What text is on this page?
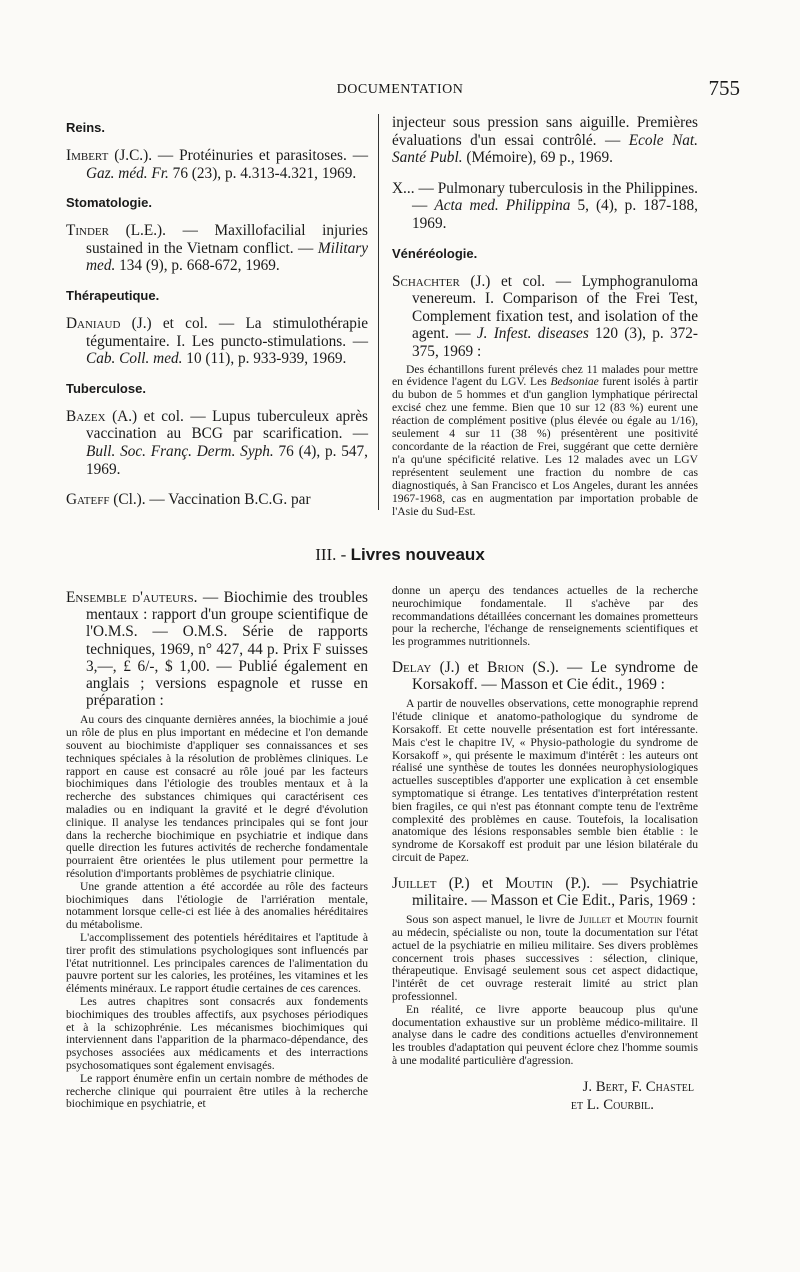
DOCUMENTATION	755
Reins.

Imbert (J.C.). — Protéinuries et parasitoses. — Gaz. méd. Fr. 76 (23), p. 4.313-4.321, 1969.

Stomatologie.

Tinder (L.E.). — Maxillofacilial injuries sustained in the Vietnam conflict. — Military med. 134 (9), p. 668-672, 1969.

Thérapeutique.

Daniaud (J.) et col. — La stimulothérapie tégumentaire. I. Les puncto-stimulations. — Cab. Coll. med. 10 (11), p. 933-939, 1969.

Tuberculose.

Bazex (A.) et col. — Lupus tuberculeux après vaccination au BCG par scarification. — Bull. Soc. Franç. Derm. Syph. 76 (4), p. 547, 1969.

Gateff (Cl.). — Vaccination B.C.G. par

injecteur sous pression sans aiguille. Premières évaluations d'un essai contrôlé. — Ecole Nat. Santé Publ. (Mémoire), 69 p., 1969.

X... — Pulmonary tuberculosis in the Philippines. — Acta med. Philippina 5, (4), p. 187-188, 1969.

Vénéréologie.

Schachter (J.) et col. — Lymphogranuloma venereum. I. Comparison of the Frei Test, Complement fixation test, and isolation of the agent. — J. Infest. diseases 120 (3), p. 372-375, 1969 :

Des échantillons furent prélevés chez 11 malades pour mettre en évidence l'agent du LGV. Les Bedsoniae furent isolés à partir du bubon de 5 hommes et d'un ganglion lymphatique périrectal excisé chez une femme. Bien que 10 sur 12 (83 %) eurent une réaction de complément positive (plus élevée ou égale au 1/16), seulement 4 sur 11 (38 %) présentèrent une positivité concordante de la réaction de Frei, suggérant que cette dernière n'a qu'une spécificité relative. Les 12 malades avec un LGV représentent seulement une fraction du nombre de cas diagnostiqués, à San Francisco et Los Angeles, durant les années 1967-1968, cas en augmentation par importation probable de l'Asie du Sud-Est.

III. - Livres nouveaux

Ensemble d'auteurs. — Biochimie des troubles mentaux : rapport d'un groupe scientifique de l'O.M.S. — O.M.S. Série de rapports techniques, 1969, n° 427, 44 p. Prix F suisses 3,—, £ 6/-, $ 1,00. — Publié également en anglais ; versions espagnole et russe en préparation :

Au cours des cinquante dernières années, la biochimie a joué un rôle de plus en plus important en médecine et l'on demande souvent au biochimiste d'appliquer ses connaissances et ses techniques spéciales à la résolution de problèmes cliniques. Le rapport en cause est consacré au rôle joué par les facteurs biochimiques dans l'étiologie des troubles mentaux et à la recherche des substances chimiques qui caractérisent ces maladies ou en indiquant la gravité et le degré d'évolution clinique. Il analyse les tendances principales qui se font jour dans la recherche biochimique en psychiatrie et indique dans quelle direction les futures activités de recherche fondamentale pourraient être orientées le plus utilement pour permettre la résolution d'importants problèmes de psychiatrie clinique.

Une grande attention a été accordée au rôle des facteurs biochimiques dans l'étiologie de l'arriération mentale, notamment lorsque celle-ci est liée à des anomalies héréditaires du métabolisme.

L'accomplissement des potentiels héréditaires et l'aptitude à tirer profit des stimulations psychologiques sont influencés par l'état nutritionnel. Les principales carences de l'alimentation du pauvre portent sur les calories, les protéines, les vitamines et les éléments minéraux. Le rapport étudie certaines de ces carences.

Les autres chapitres sont consacrés aux fondements biochimiques des troubles affectifs, aux psychoses périodiques et à la schizophrénie. Les mécanismes biochimiques qui interviennent dans l'apparition de la pharmaco-dépendance, des psychoses associées aux médicaments et des interractions psychosomatiques sont également envisagés.

Le rapport énumère enfin un certain nombre de méthodes de recherche clinique qui pourraient être utiles à la recherche biochimique en psychiatrie, et

donne un aperçu des tendances actuelles de la recherche neurochimique fondamentale. Il s'achève par des recommandations détaillées concernant les domaines prometteurs pour la recherche, l'échange de renseignements scientifiques et les programmes nutritionnels.

Delay (J.) et Brion (S.). — Le syndrome de Korsakoff. — Masson et Cie édit., 1969 :

A partir de nouvelles observations, cette monographie reprend l'étude clinique et anatomo-pathologique du syndrome de Korsakoff. Et cette nouvelle présentation est fort intéressante. Mais c'est le chapitre IV, « Physio-pathologie du syndrome de Korsakoff », qui présente le maximum d'intérêt : les auteurs ont réalisé une synthèse de toutes les données neurophysiologiques actuelles susceptibles d'apporter une explication à cet ensemble symptomatique si étrange. Les tentatives d'interprétation restent bien fragiles, ce qui n'est pas étonnant compte tenu de l'extrême complexité des problèmes en cause. Toutefois, la localisation anatomique des lésions responsables semble bien établie : le syndrome de Korsakoff est produit par une lésion bilatérale du circuit de Papez.

Juillet (P.) et Moutin (P.). — Psychiatrie militaire. — Masson et Cie Edit., Paris, 1969 :

Sous son aspect manuel, le livre de Juillet et Moutin fournit au médecin, spécialiste ou non, toute la documentation sur l'état actuel de la psychiatrie en milieu militaire. Ses divers problèmes concernent trois phases successives : sélection, clinique, thérapeutique. Envisagé seulement sous cet aspect didactique, l'intérêt de cet ouvrage resterait limité au strict plan professionnel.

En réalité, ce livre apporte beaucoup plus qu'une documentation exhaustive sur un problème médico-militaire. Il analyse dans le cadre des conditions actuelles d'environnement les troubles d'adaptation qui peuvent éclore chez l'homme soumis à une modalité particulière d'agression.

J. Bert, F. Chastel
et L. Courbil.
